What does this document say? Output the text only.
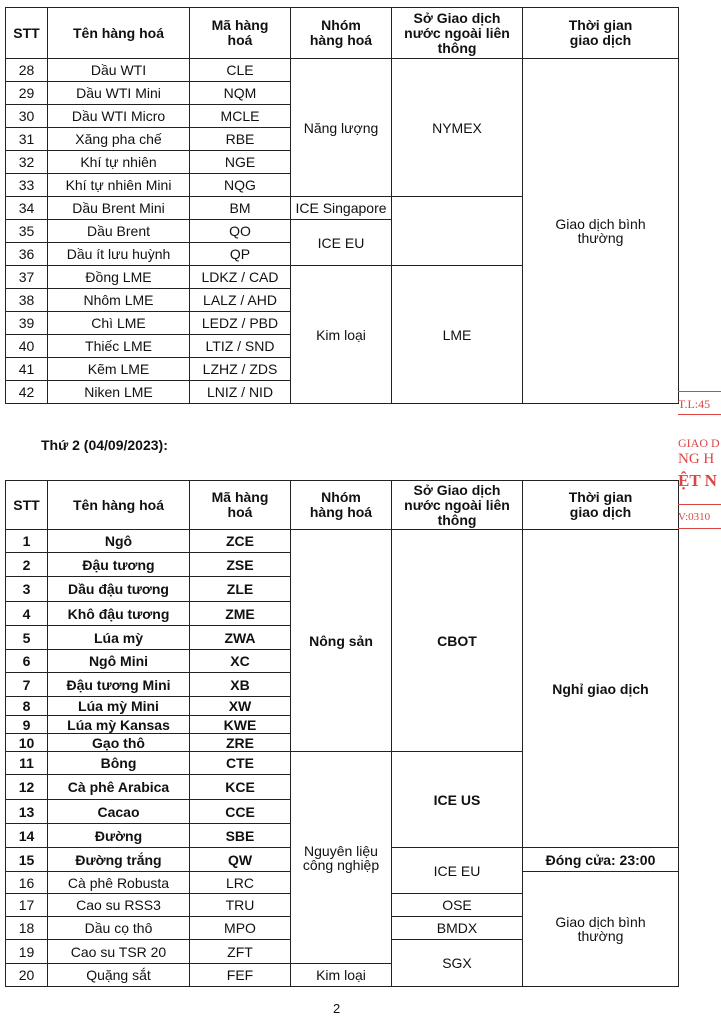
STT	Tên hàng hoá	Mã hàng hoá	Nhóm hàng hoá	Sở Giao dịch nước ngoài liên thông	Thời gian giao dịch
28	Dầu WTI	CLE	Năng lượng	NYMEX	Giao dịch bình thường
29	Dầu WTI Mini	NQM			
30	Dầu WTI Micro	MCLE			
31	Xăng pha chế	RBE			
32	Khí tự nhiên	NGE			
33	Khí tự nhiên Mini	NQG			
34	Dầu Brent Mini	BM	ICE Singapore		
35	Dầu Brent	QO	ICE EU		
36	Dầu ít lưu huỳnh	QP			
37	Đồng LME	LDKZ / CAD	Kim loại	LME	
38	Nhôm LME	LALZ / AHD			
39	Chì LME	LEDZ / PBD			
40	Thiếc LME	LTIZ / SND			
41	Kẽm LME	LZHZ / ZDS			
42	Niken LME	LNIZ / NID			
Thứ 2 (04/09/2023):
STT	Tên hàng hoá	Mã hàng hoá	Nhóm hàng hoá	Sở Giao dịch nước ngoài liên thông	Thời gian giao dịch
1	Ngô	ZCE	Nông sản	CBOT	Nghỉ giao dịch
2	Đậu tương	ZSE			
3	Dầu đậu tương	ZLE			
4	Khô đậu tương	ZME			
5	Lúa mỳ	ZWA			
6	Ngô Mini	XC			
7	Đậu tương Mini	XB			
8	Lúa mỳ Mini	XW			
9	Lúa mỳ Kansas	KWE			
10	Gạo thô	ZRE			
11	Bông	CTE	Nguyên liệu công nghiệp	ICE US	
12	Cà phê Arabica	KCE			
13	Cacao	CCE			
14	Đường	SBE			
15	Đường trắng	QW		ICE EU	Đóng cửa: 23:00
16	Cà phê Robusta	LRC			Giao dịch bình thường
17	Cao su RSS3	TRU		OSE	
18	Dầu cọ thô	MPO		BMDX	
19	Cao su TSR 20	ZFT		SGX	
20	Quặng sắt	FEF	Kim loại		
T.L:45
GIAO D
NG H
ỆT N
V:0310
2
